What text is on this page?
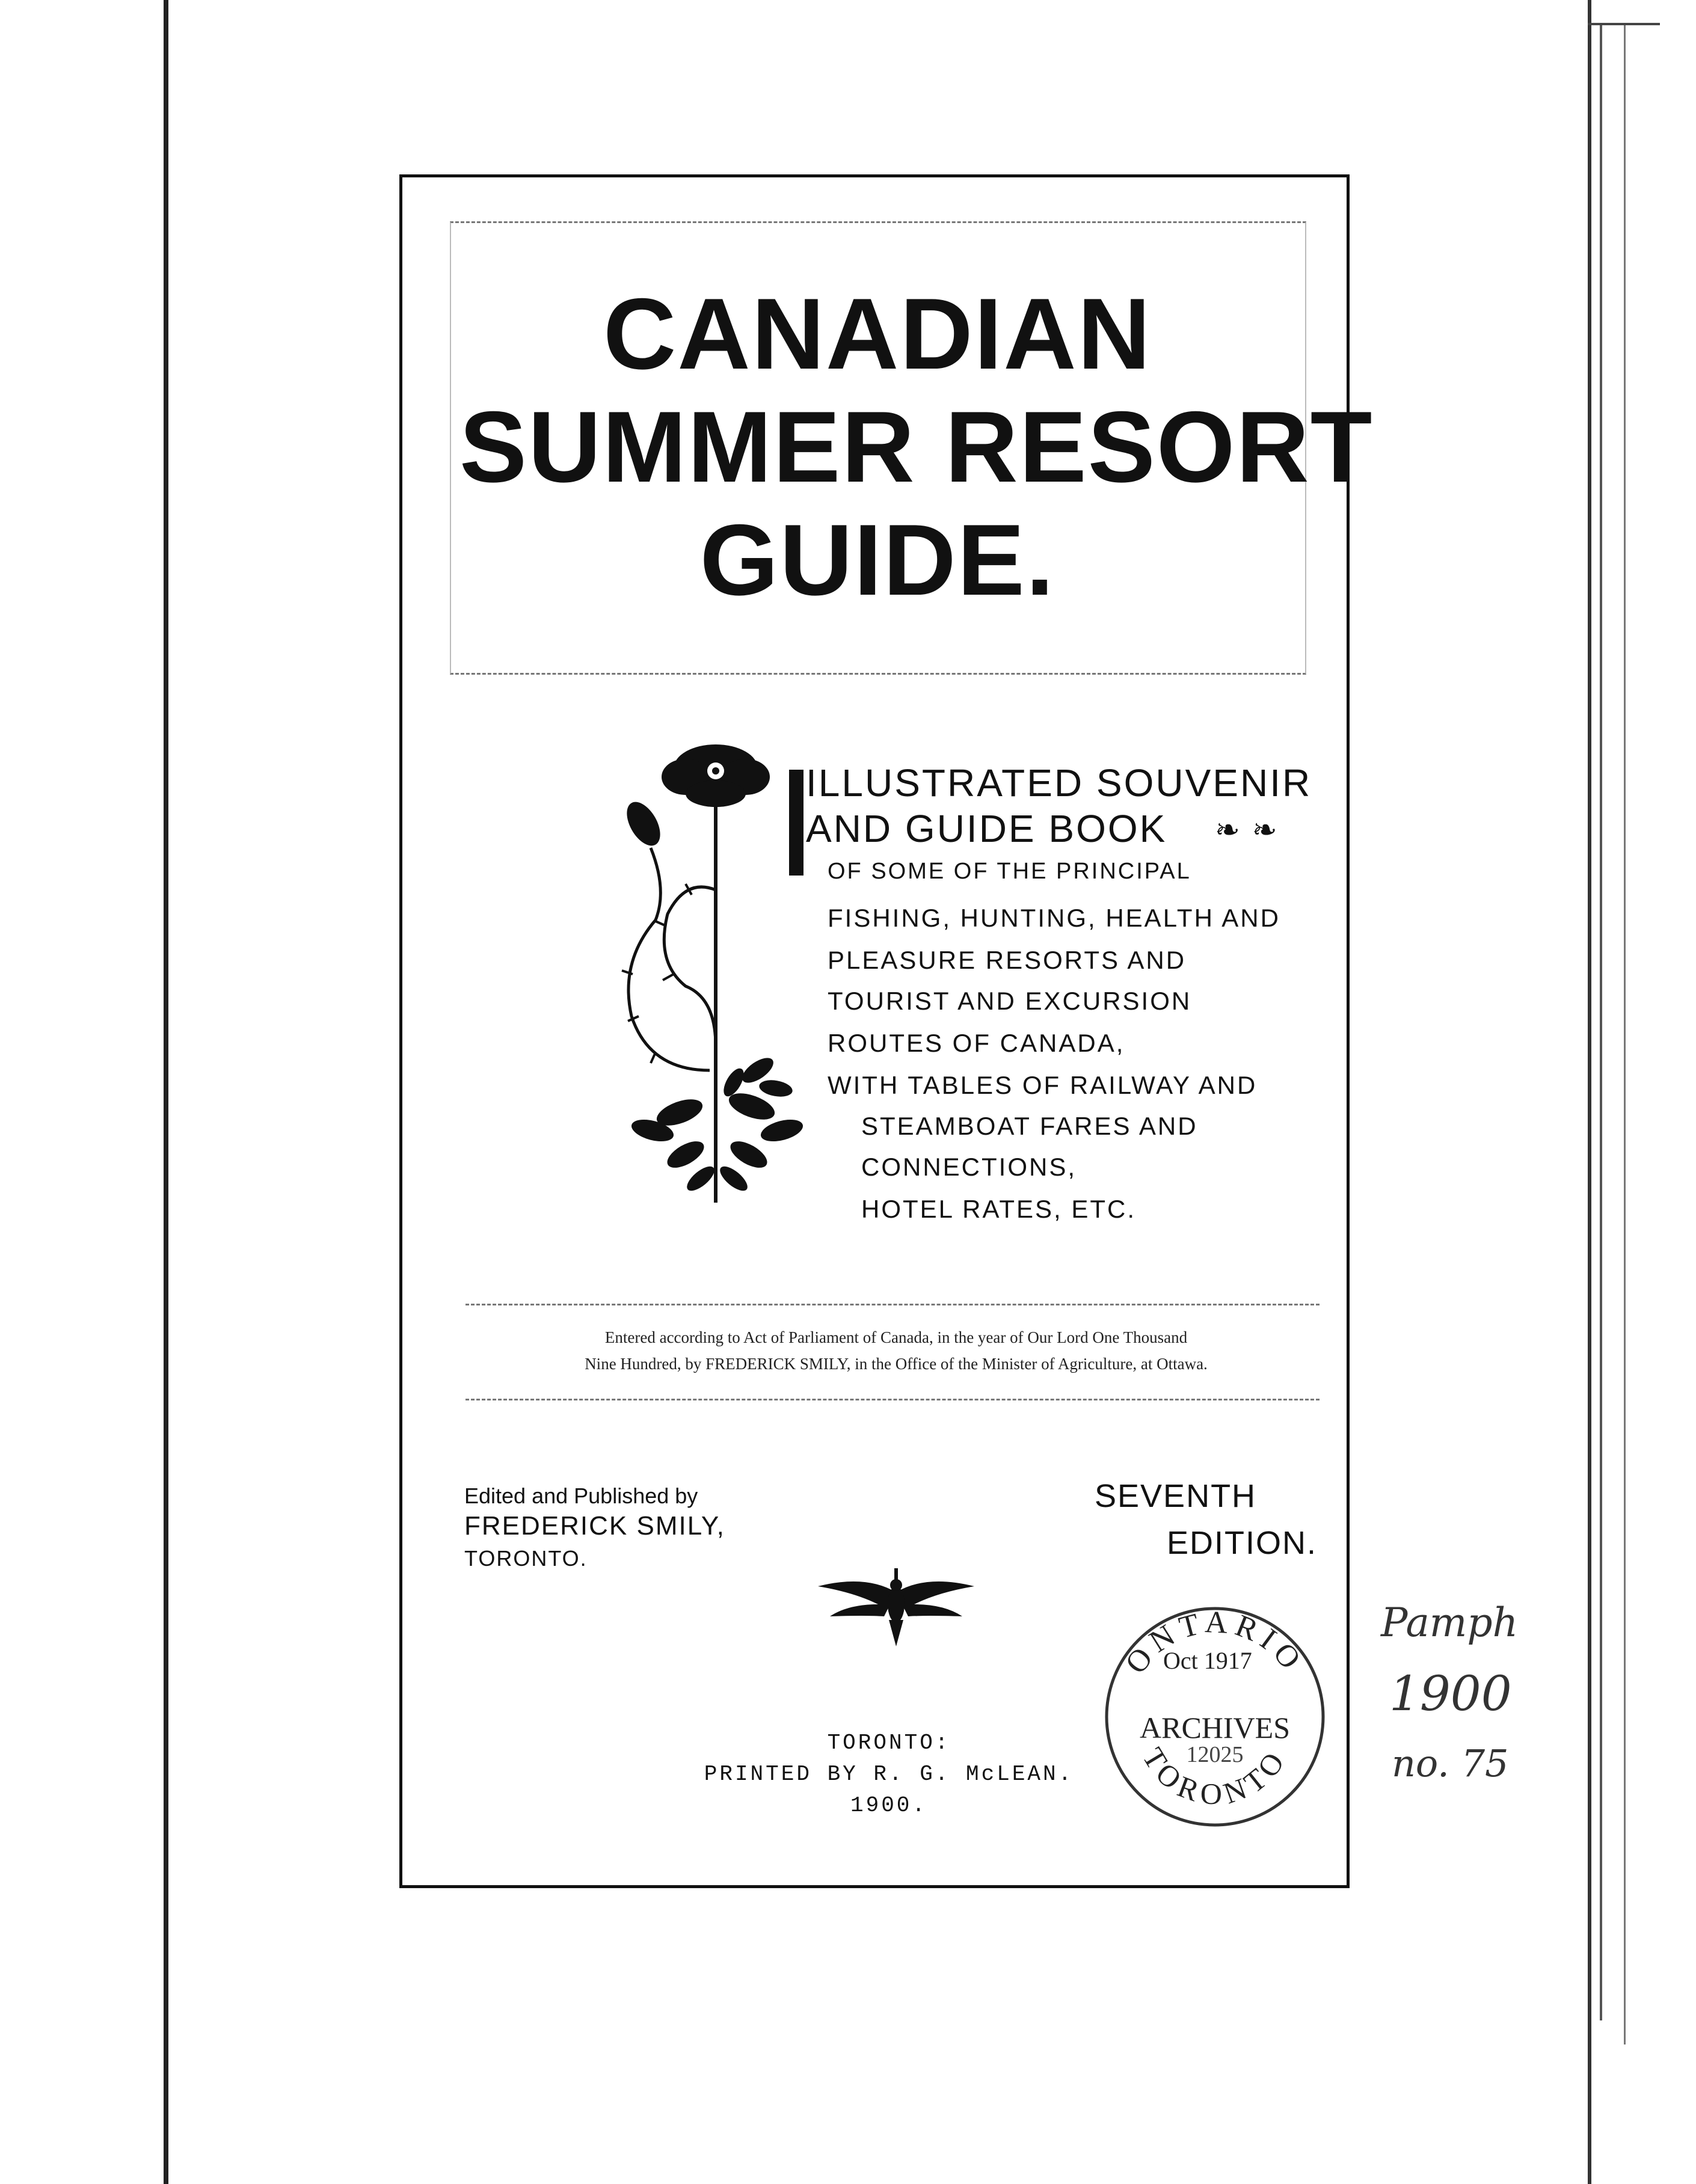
CANADIAN
SUMMER RESORT
GUIDE.
ILLUSTRATED SOUVENIR
AND GUIDE BOOK ❧ ❧
OF SOME OF THE PRINCIPAL
FISHING, HUNTING, HEALTH AND
PLEASURE RESORTS AND
TOURIST AND EXCURSION
ROUTES OF CANADA,
WITH TABLES OF RAILWAY AND
STEAMBOAT FARES AND
CONNECTIONS,
HOTEL RATES, ETC.
Entered according to Act of Parliament of Canada, in the year of Our Lord One Thousand
Nine Hundred, by FREDERICK SMILY, in the Office of the Minister of Agriculture, at Ottawa.
Edited and Published by
FREDERICK SMILY,
TORONTO.
SEVENTH
EDITION.
TORONTO:
PRINTED BY R. G. McLEAN.
1900.
ONTARIO
ARCHIVES
12025
TORONTO
Oct 1917
Pamph
1900
no. 75
